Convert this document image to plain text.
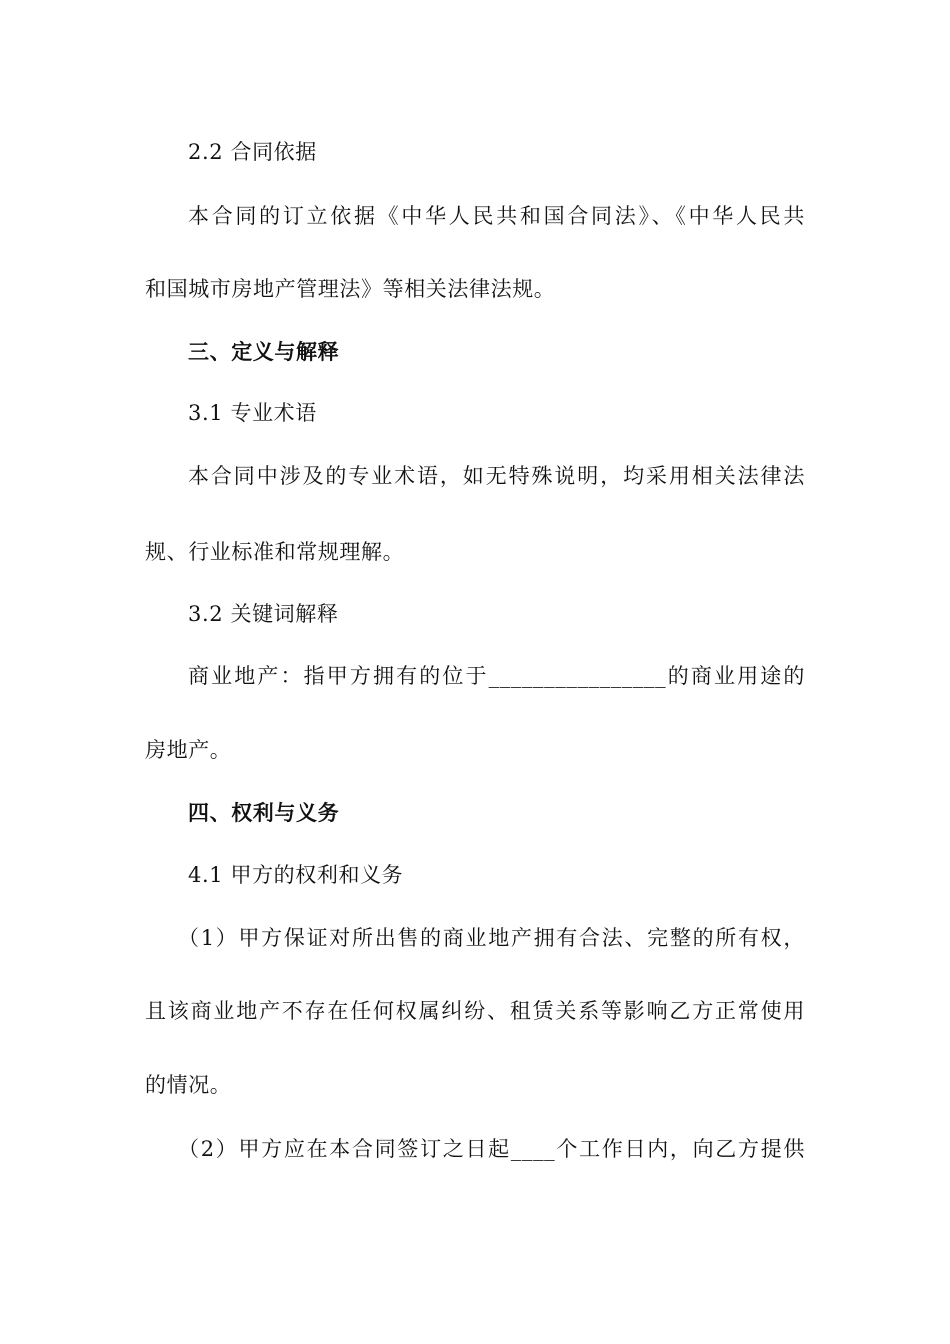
2.2 合同依据
本合同的订立依据《中华人民共和国合同法》、《中华人民共
和国城市房地产管理法》等相关法律法规。
三、定义与解释
3.1 专业术语
本合同中涉及的专业术语，如无特殊说明，均采用相关法律法
规、行业标准和常规理解。
3.2 关键词解释
商业地产：指甲方拥有的位于________________的商业用途的
房地产。
四、权利与义务
4.1 甲方的权利和义务
（1）甲方保证对所出售的商业地产拥有合法、完整的所有权，
且该商业地产不存在任何权属纠纷、租赁关系等影响乙方正常使用
的情况。
（2）甲方应在本合同签订之日起____个工作日内，向乙方提供
